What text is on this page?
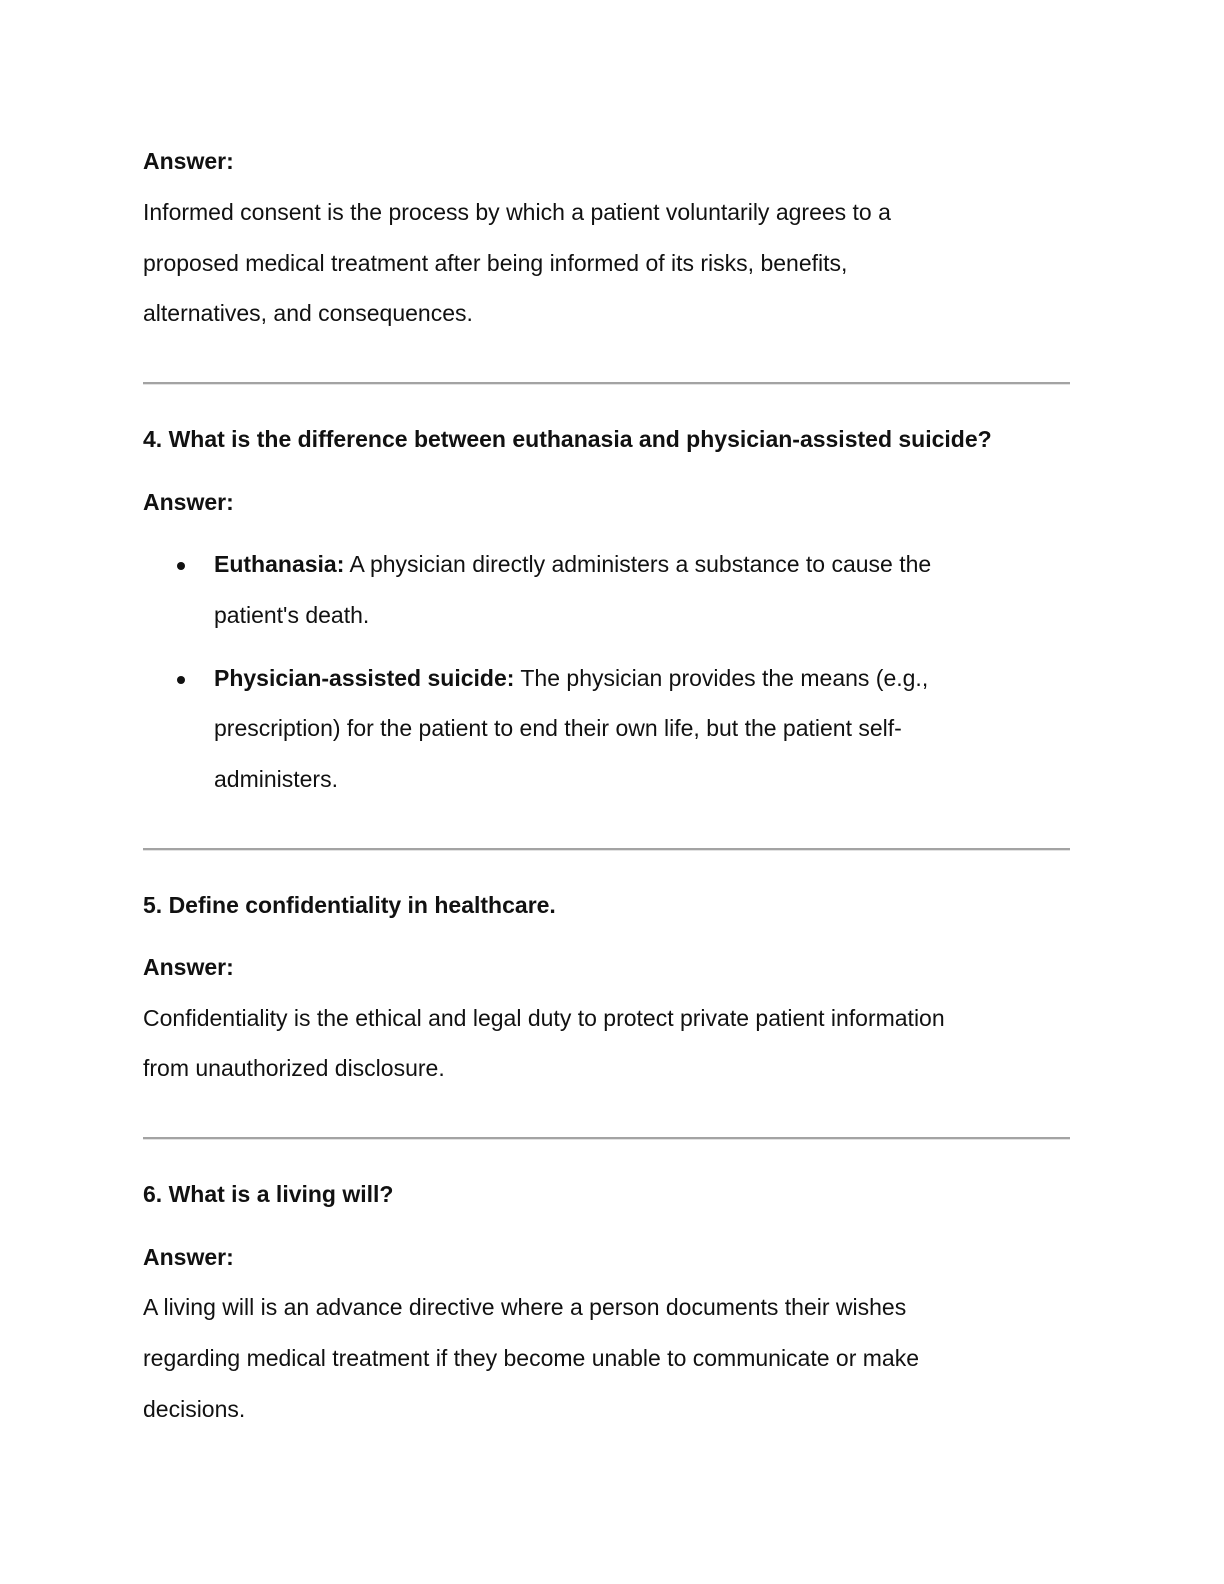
Answer:
Informed consent is the process by which a patient voluntarily agrees to a
proposed medical treatment after being informed of its risks, benefits,
alternatives, and consequences.
4. What is the difference between euthanasia and physician-assisted suicide?
Answer:
Euthanasia: A physician directly administers a substance to cause the
patient's death.
Physician-assisted suicide: The physician provides the means (e.g.,
prescription) for the patient to end their own life, but the patient self-
administers.
5. Define confidentiality in healthcare.
Answer:
Confidentiality is the ethical and legal duty to protect private patient information
from unauthorized disclosure.
6. What is a living will?
Answer:
A living will is an advance directive where a person documents their wishes
regarding medical treatment if they become unable to communicate or make
decisions.
